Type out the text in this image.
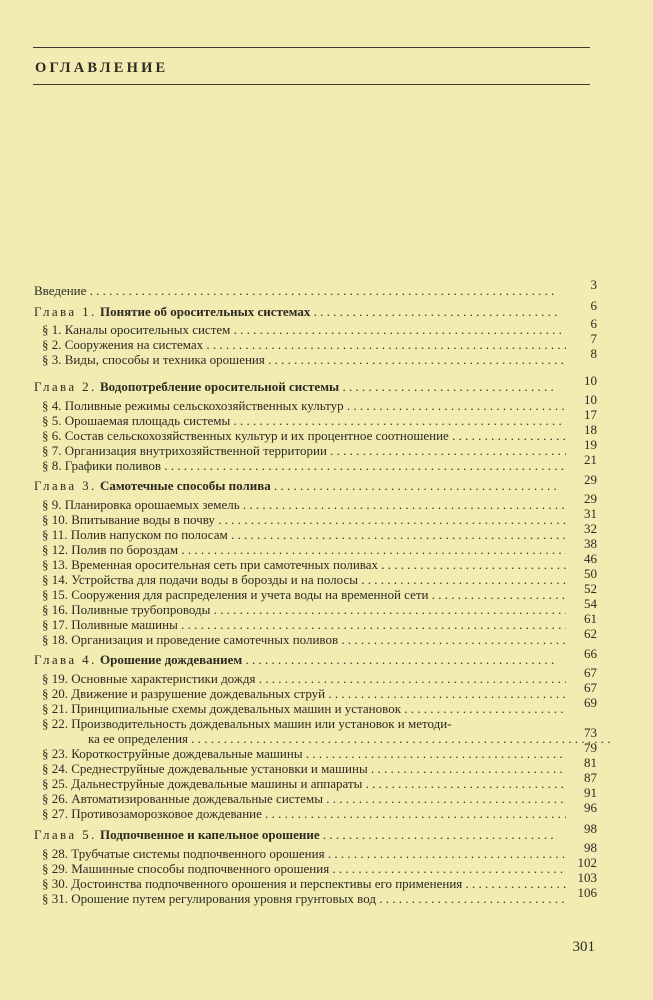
ОГЛАВЛЕНИЕ
Введение . . .	3
Глава 1. Понятие об оросительных системах . . .	6
§ 1. Каналы оросительных систем . . .	6
§ 2. Сооружения на системах . . .	7
§ 3. Виды, способы и техника орошения . . .	8
Глава 2. Водопотребление оросительной системы . . .	10
§ 4. Поливные режимы сельскохозяйственных культур . . .	10
§ 5. Орошаемая площадь системы . . .	17
§ 6. Состав сельскохозяйственных культур и их процентное соотношение . . .	18
§ 7. Организация внутрихозяйственной территории . . .	19
§ 8. Графики поливов . . .	21
Глава 3. Самотечные способы полива . . .	29
§ 9. Планировка орошаемых земель . . .	29
§ 10. Впитывание воды в почву . . .	31
§ 11. Полив напуском по полосам . . .	32
§ 12. Полив по бороздам . . .	38
§ 13. Временная оросительная сеть при самотечных поливах . . .	46
§ 14. Устройства для подачи воды в борозды и на полосы . . .	50
§ 15. Сооружения для распределения и учета воды на временной сети . . .	52
§ 16. Поливные трубопроводы . . .	54
§ 17. Поливные машины . . .	61
§ 18. Организация и проведение самотечных поливов . . .	62
Глава 4. Орошение дождеванием . . .	66
§ 19. Основные характеристики дождя . . .	67
§ 20. Движение и разрушение дождевальных струй . . .	67
§ 21. Принципиальные схемы дождевальных машин и установок . . .	69
§ 22. Производительность дождевальных машин или установок и методи-
ка ее определения . . .	73
§ 23. Короткоструйные дождевальные машины . . .	79
§ 24. Среднеструйные дождевальные установки и машины . . .	81
§ 25. Дальнеструйные дождевальные машины и аппараты . . .	87
§ 26. Автоматизированные дождевальные системы . . .	91
§ 27. Противозаморозковое дождевание . . .	96
Глава 5. Подпочвенное и капельное орошение . . .	98
§ 28. Трубчатые системы подпочвенного орошения . . .	98
§ 29. Машинные способы подпочвенного орошения . . .	102
§ 30. Достоинства подпочвенного орошения и перспективы его применения . . .	103
§ 31. Орошение путем регулирования уровня грунтовых вод . . .	106
301
